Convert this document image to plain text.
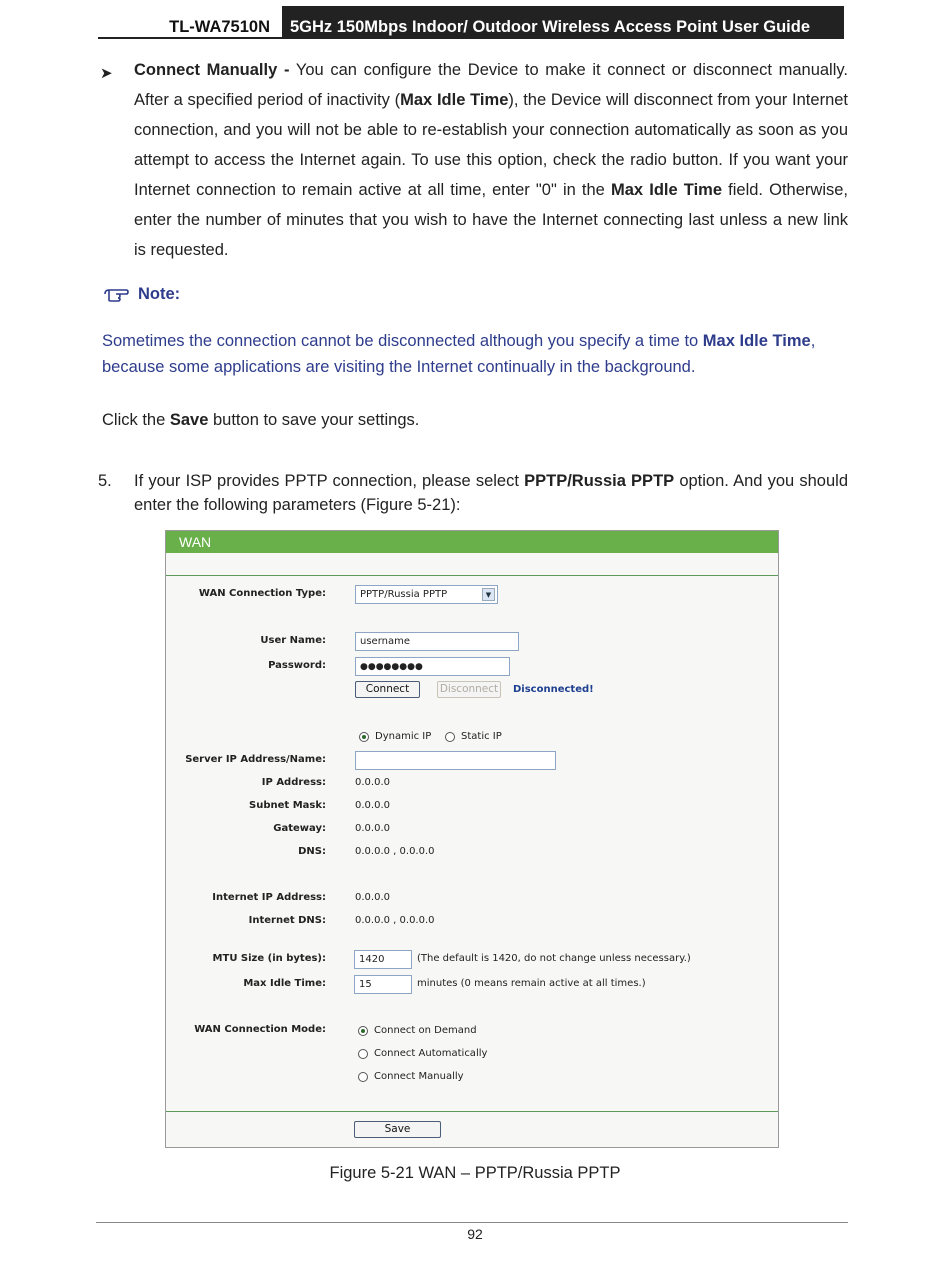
TL-WA7510N	5GHz 150Mbps Indoor/ Outdoor Wireless Access Point User Guide
➤ Connect Manually - You can configure the Device to make it connect or disconnect manually. After a specified period of inactivity (Max Idle Time), the Device will disconnect from your Internet connection, and you will not be able to re-establish your connection automatically as soon as you attempt to access the Internet again. To use this option, check the radio button. If you want your Internet connection to remain active at all time, enter "0" in the Max Idle Time field. Otherwise, enter the number of minutes that you wish to have the Internet connecting last unless a new link is requested.
Note:
Sometimes the connection cannot be disconnected although you specify a time to Max Idle Time, because some applications are visiting the Internet continually in the background.
Click the Save button to save your settings.
5. If your ISP provides PPTP connection, please select PPTP/Russia PPTP option. And you should enter the following parameters (Figure 5-21):
WAN
WAN Connection Type:	PPTP/Russia PPTP	▼
User Name:	username
Password:	●●●●●●●●
Connect	Disconnect Disconnected!
Dynamic IP	Static IP
Server IP Address/Name:
IP Address:	0.0.0.0
Subnet Mask:	0.0.0.0
Gateway:	0.0.0.0
DNS:	0.0.0.0 , 0.0.0.0
Internet IP Address:	0.0.0.0
Internet DNS:	0.0.0.0 , 0.0.0.0
MTU Size (in bytes):	1420	(The default is 1420, do not change unless necessary.)
Max Idle Time:	15	minutes (0 means remain active at all times.)
WAN Connection Mode:	Connect on Demand
Connect Automatically
Connect Manually
Save
Figure 5-21 WAN – PPTP/Russia PPTP
92
